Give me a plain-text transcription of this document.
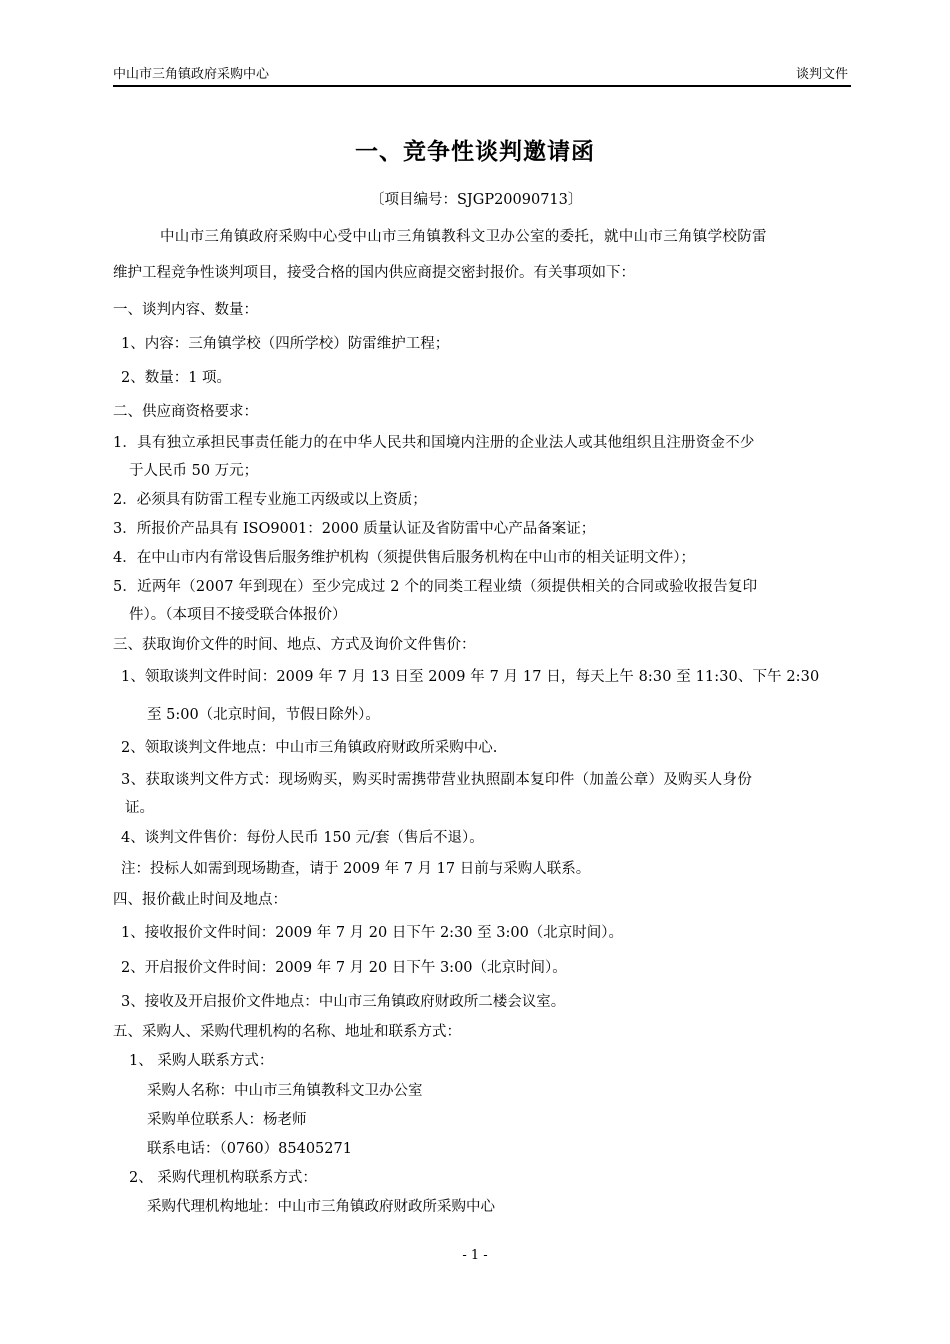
中山市三角镇政府采购中心	谈判文件
一、竞争性谈判邀请函
〔项目编号：SJGP20090713〕
中山市三角镇政府采购中心受中山市三角镇教科文卫办公室的委托，就中山市三角镇学校防雷
维护工程竞争性谈判项目，接受合格的国内供应商提交密封报价。有关事项如下：
一、谈判内容、数量：
1、内容：三角镇学校（四所学校）防雷维护工程；
2、数量：1 项。
二、供应商资格要求：
1．具有独立承担民事责任能力的在中华人民共和国境内注册的企业法人或其他组织且注册资金不少
于人民币 50 万元；
2．必须具有防雷工程专业施工丙级或以上资质；
3．所报价产品具有 ISO9001：2000 质量认证及省防雷中心产品备案证；
4．在中山市内有常设售后服务维护机构（须提供售后服务机构在中山市的相关证明文件）；
5．近两年（2007 年到现在）至少完成过 2 个的同类工程业绩（须提供相关的合同或验收报告复印
件）。（本项目不接受联合体报价）
三、获取询价文件的时间、地点、方式及询价文件售价：
1、领取谈判文件时间：2009 年 7 月 13 日至 2009 年 7 月 17 日，每天上午 8:30 至 11:30、下午 2:30
至 5:00（北京时间，节假日除外）。
2、领取谈判文件地点：中山市三角镇政府财政所采购中心.
3、获取谈判文件方式：现场购买，购买时需携带营业执照副本复印件（加盖公章）及购买人身份
证。
4、谈判文件售价：每份人民币 150 元/套（售后不退）。
注：投标人如需到现场勘查，请于 2009 年 7 月 17 日前与采购人联系。
四、报价截止时间及地点：
1、接收报价文件时间：2009 年 7 月 20 日下午 2:30 至 3:00（北京时间）。
2、开启报价文件时间：2009 年 7 月 20 日下午 3:00（北京时间）。
3、接收及开启报价文件地点：中山市三角镇政府财政所二楼会议室。
五、采购人、采购代理机构的名称、地址和联系方式：
1、 采购人联系方式：
采购人名称：中山市三角镇教科文卫办公室
采购单位联系人：杨老师
联系电话：（0760）85405271
2、 采购代理机构联系方式：
采购代理机构地址：中山市三角镇政府财政所采购中心
- 1 -
